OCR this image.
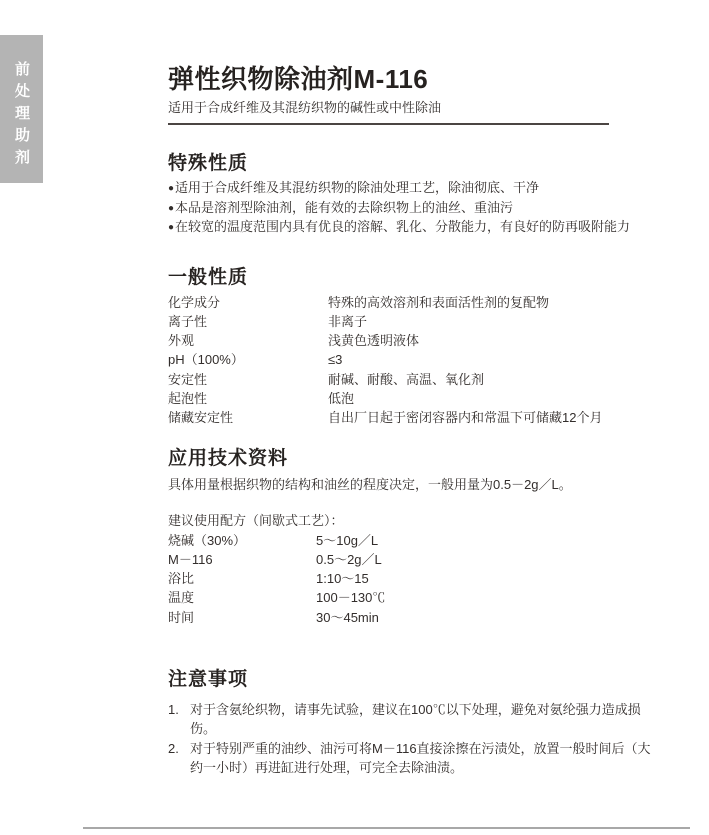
前处理助剂	弹性织物除油剂M-116
适用于合成纤维及其混纺织物的碱性或中性除油
特殊性质
●适用于合成纤维及其混纺织物的除油处理工艺，除油彻底、干净
●本品是溶剂型除油剂，能有效的去除织物上的油丝、重油污
●在较宽的温度范围内具有优良的溶解、乳化、分散能力，有良好的防再吸附能力
一般性质
化学成分	特殊的高效溶剂和表面活性剂的复配物
离子性	非离子
外观	浅黄色透明液体
pH（100%）	≤3
安定性	耐碱、耐酸、高温、氧化剂
起泡性	低泡
储藏安定性	自出厂日起于密闭容器内和常温下可储藏12个月
应用技术资料

具体用量根据织物的结构和油丝的程度决定，一般用量为0.5－2g／L。

建议使用配方（间歇式工艺）：

烧碱（30%）	5～10g／L
M－116	0.5～2g／L
浴比	1:10～15
温度	100－130℃
时间	30～45min
注意事项
1. 对于含氨纶织物，请事先试验，建议在100℃以下处理，避免对氨纶强力造成损伤。
2. 对于特别严重的油纱、油污可将M－116直接涂擦在污渍处，放置一般时间后（大约一小时）再进缸进行处理，可完全去除油渍。
